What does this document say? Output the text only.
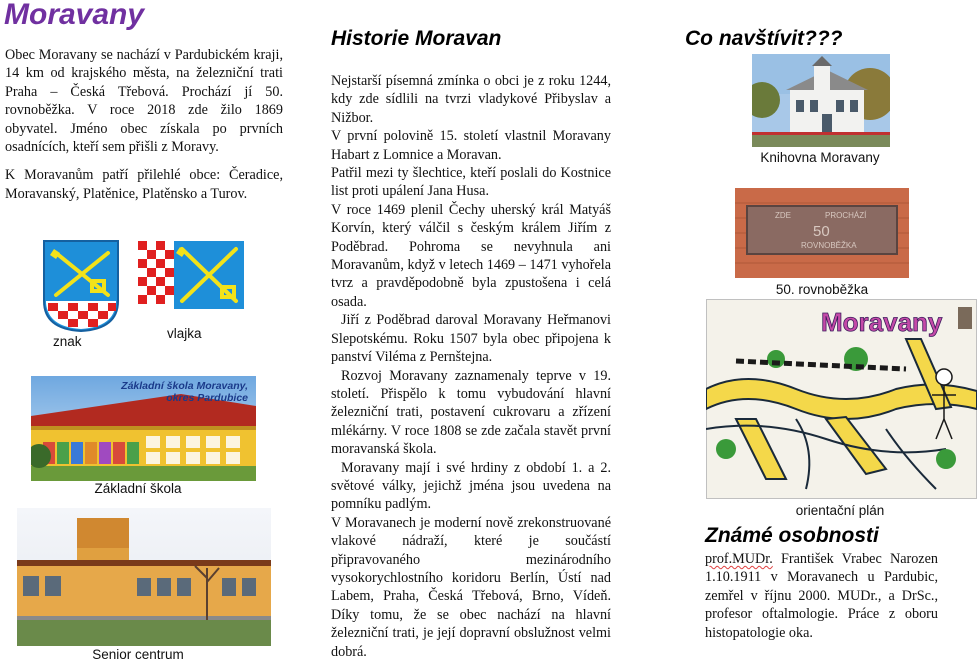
Moravany

Obec Moravany se nachází v Pardubickém kraji, 14 km od krajského města, na železniční trati Praha – Česká Třebová. Prochází jí 50. rovnoběžka. V roce 2018 zde žilo 1869 obyvatel. Jméno obec získala po prvních osadnících, kteří sem přišli z Moravy.

K Moravanům patří přilehlé obce: Čeradice, Moravanský, Platěnice, Platěnsko a Turov.

znak
vlajka
Základní škola Moravany,
okres Pardubice
Základní škola
Senior centrum
Historie Moravan

Nejstarší písemná zmínka o obci je z roku 1244, kdy zde sídlili na tvrzi vladykové Přibyslav a Nižbor.

V první polovině 15. století vlastnil Moravany Habart z Lomnice a Moravan.

Patřil mezi ty šlechtice, kteří poslali do Kostnice list proti upálení Jana Husa.

V roce 1469 plenil Čechy uherský král Matyáš Korvín, který válčil s českým králem Jiřím z Poděbrad. Pohroma se nevyhnula ani Moravanům, když v letech 1469 – 1471 vyhořela tvrz a pravděpodobně byla zpustošena i celá osada.

Jiří z Poděbrad daroval Moravany Heřmanovi Slepotskému. Roku 1507 byla obec připojena k panství Viléma z Pernštejna.

Rozvoj Moravany zaznamenaly teprve v 19. století. Přispělo k tomu vybudování hlavní železniční trati, postavení cukrovaru a zřízení mlékárny. V roce 1808 se zde začala stavět první moravanská škola.

Moravany mají i své hrdiny z období 1. a 2. světové války, jejichž jména jsou uvedena na pomníku padlým.

V Moravanech je moderní nově zrekonstruované vlakové nádraží, které je součástí připravovaného mezinárodního vysokorychlostního koridoru Berlín, Ústí nad Labem, Praha, Česká Třebová, Brno, Vídeň. Díky tomu, že se obec nachází na hlavní železniční trati, je její dopravní obslužnost velmi dobrá.

Co navštívit???
Knihovna Moravany
ZDE	PROCHÁZÍ
50
ROVNOBĚŽKA
50. rovnoběžka
Moravany
orientační plán
Známé osobnosti

prof.MUDr. František Vrabec Narozen 1.10.1911 v Moravanech u Pardubic, zemřel v říjnu 2000. MUDr., a DrSc., profesor oftalmologie. Práce z oboru histopatologie oka.
